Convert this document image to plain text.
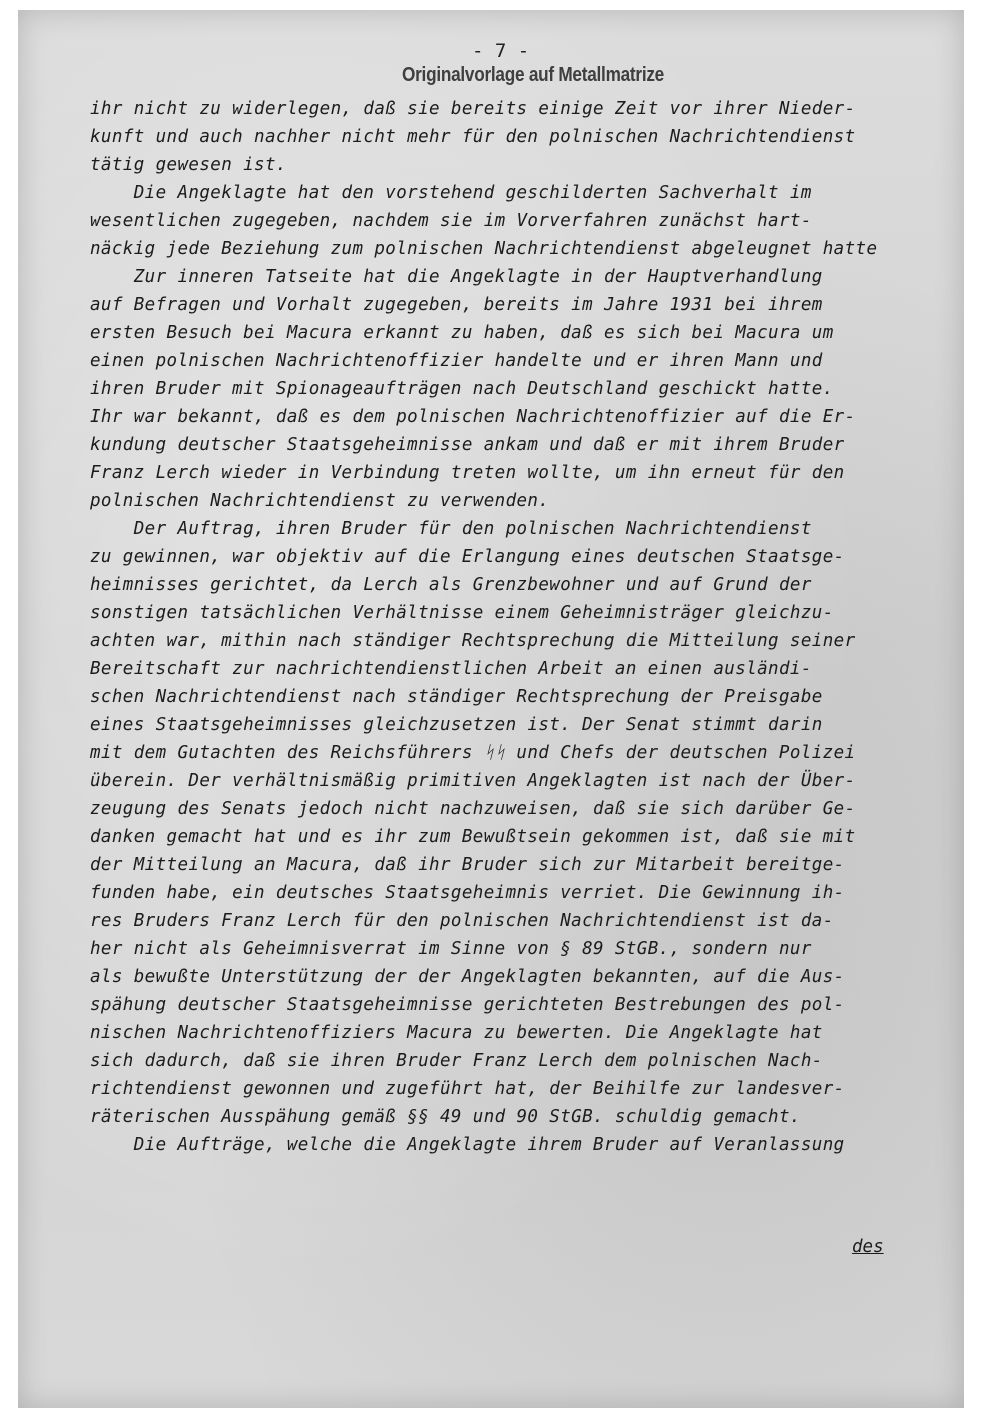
- 7 -
Originalvorlage auf Metallmatrize
ihr nicht zu widerlegen, daß sie bereits einige Zeit vor ihrer Nieder-
kunft und auch nachher nicht mehr für den polnischen Nachrichtendienst
tätig gewesen ist.
Die Angeklagte hat den vorstehend geschilderten Sachverhalt im
wesentlichen zugegeben, nachdem sie im Vorverfahren zunächst hart-
näckig jede Beziehung zum polnischen Nachrichtendienst abgeleugnet hatte
Zur inneren Tatseite hat die Angeklagte in der Hauptverhandlung
auf Befragen und Vorhalt zugegeben, bereits im Jahre 1931 bei ihrem
ersten Besuch bei Macura erkannt zu haben, daß es sich bei Macura um
einen polnischen Nachrichtenoffizier handelte und er ihren Mann und
ihren Bruder mit Spionageaufträgen nach Deutschland geschickt hatte.
Ihr war bekannt, daß es dem polnischen Nachrichtenoffizier auf die Er-
kundung deutscher Staatsgeheimnisse ankam und daß er mit ihrem Bruder
Franz Lerch wieder in Verbindung treten wollte, um ihn erneut für den
polnischen Nachrichtendienst zu verwenden.
Der Auftrag, ihren Bruder für den polnischen Nachrichtendienst
zu gewinnen, war objektiv auf die Erlangung eines deutschen Staatsge-
heimnisses gerichtet, da Lerch als Grenzbewohner und auf Grund der
sonstigen tatsächlichen Verhältnisse einem Geheimnisträger gleichzu-
achten war, mithin nach ständiger Rechtsprechung die Mitteilung seiner
Bereitschaft zur nachrichtendienstlichen Arbeit an einen ausländi-
schen Nachrichtendienst nach ständiger Rechtsprechung der Preisgabe
eines Staatsgeheimnisses gleichzusetzen ist. Der Senat stimmt darin
mit dem Gutachten des Reichsführers ᛋᛋ und Chefs der deutschen Polizei
überein. Der verhältnismäßig primitiven Angeklagten ist nach der Über-
zeugung des Senats jedoch nicht nachzuweisen, daß sie sich darüber Ge-
danken gemacht hat und es ihr zum Bewußtsein gekommen ist, daß sie mit
der Mitteilung an Macura, daß ihr Bruder sich zur Mitarbeit bereitge-
funden habe, ein deutsches Staatsgeheimnis verriet. Die Gewinnung ih-
res Bruders Franz Lerch für den polnischen Nachrichtendienst ist da-
her nicht als Geheimnisverrat im Sinne von § 89 StGB., sondern nur
als bewußte Unterstützung der der Angeklagten bekannten, auf die Aus-
spähung deutscher Staatsgeheimnisse gerichteten Bestrebungen des pol-
nischen Nachrichtenoffiziers Macura zu bewerten. Die Angeklagte hat
sich dadurch, daß sie ihren Bruder Franz Lerch dem polnischen Nach-
richtendienst gewonnen und zugeführt hat, der Beihilfe zur landesver-
räterischen Ausspähung gemäß §§ 49 und 90 StGB. schuldig gemacht.
Die Aufträge, welche die Angeklagte ihrem Bruder auf Veranlassung
des
